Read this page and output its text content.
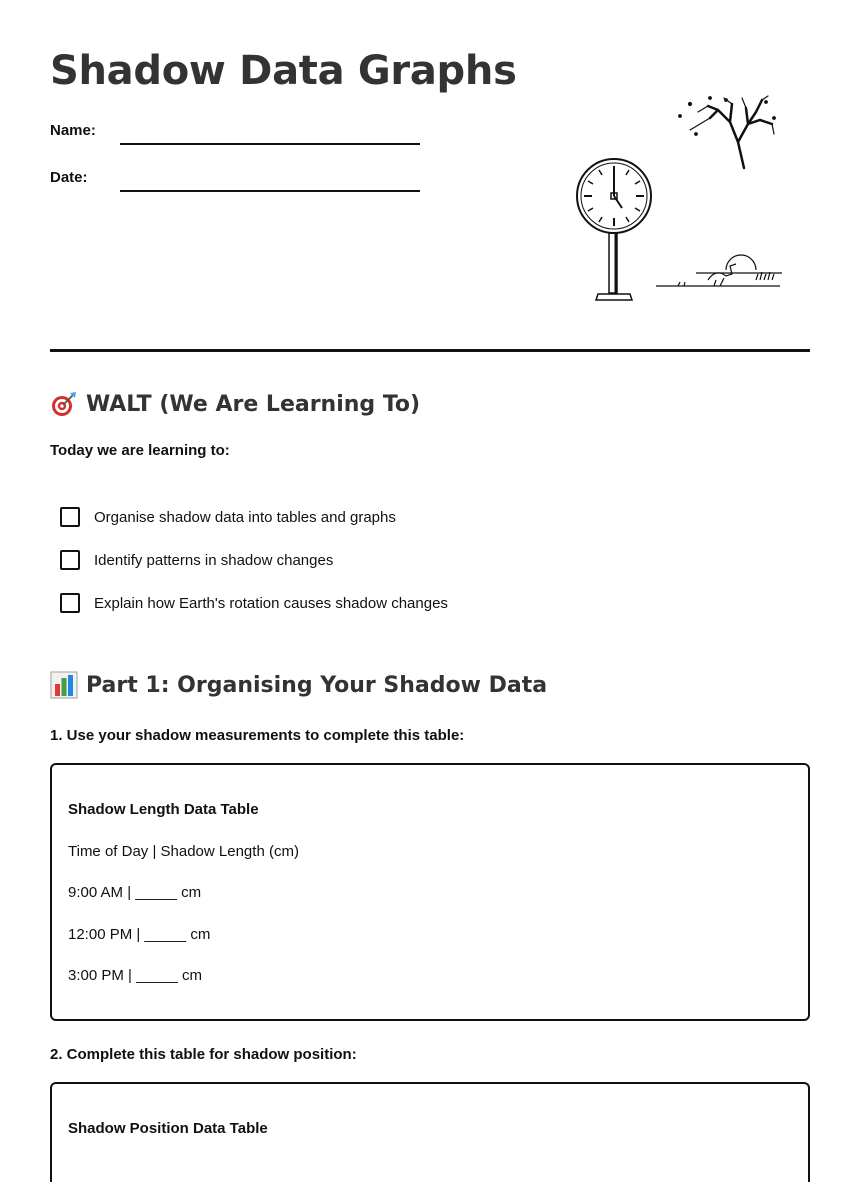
Shadow Data Graphs
Name:
Date:
WALT (We Are Learning To)

Today we are learning to:

Organise shadow data into tables and graphs
Identify patterns in shadow changes
Explain how Earth's rotation causes shadow changes
Part 1: Organising Your Shadow Data

1. Use your shadow measurements to complete this table:

Shadow Length Data Table
Time of Day | Shadow Length (cm)
9:00 AM | _____ cm
12:00 PM | _____ cm
3:00 PM | _____ cm

2. Complete this table for shadow position:

Shadow Position Data Table
